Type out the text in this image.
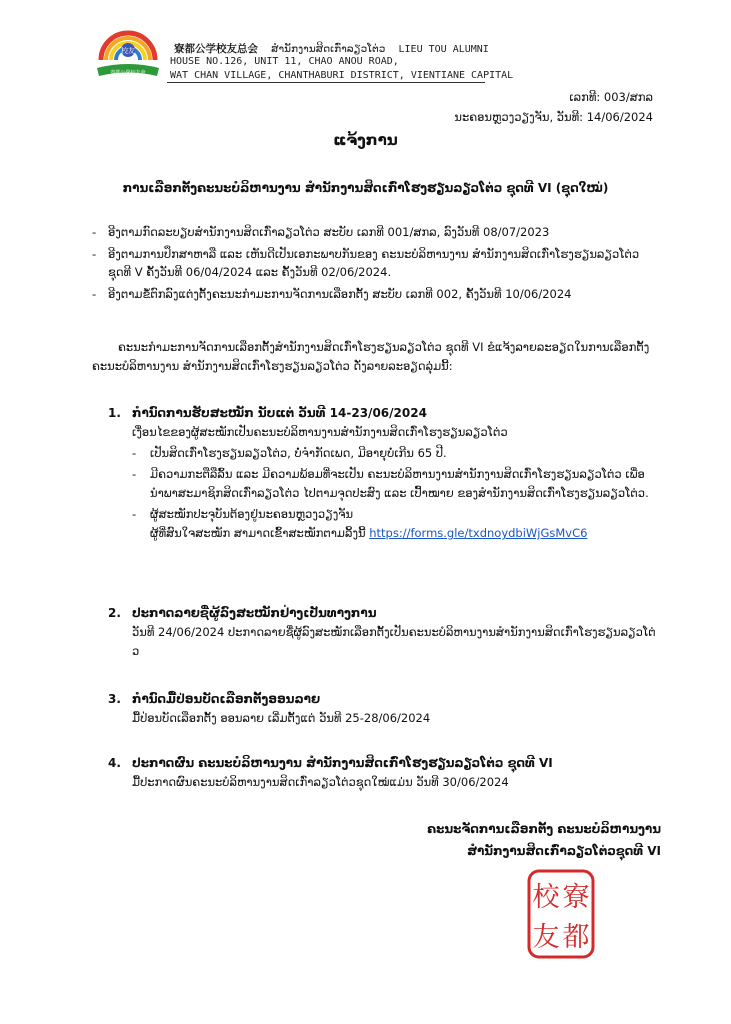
校友
寮都公學校友會
寮都公学校友总会 ສຳນັກງານສິດເກົ່າລຽວໂຕ່ວ LIEU TOU ALUMNI
HOUSE NO.126, UNIT 11, CHAO ANOU ROAD,
WAT CHAN VILLAGE, CHANTHABURI DISTRICT, VIENTIANE CAPITAL
ເລກທີ: 003/ສກລ
ນະຄອນຫຼວງວຽງຈັນ, ວັນທີ: 14/06/2024
ແຈ້ງການ
ການເລືອກຕັ້ງຄະນະບໍລິຫານງານ ສຳນັກງານສິດເກົ່າໂຮງຮຽນລຽວໂຕ່ວ ຊຸດທີ VI (ຊຸດໃໝ່)
- ອີງຕາມກົດລະບຽບສຳນັກງານສິດເກົ່າລຽວໂຕ່ວ ສະບັບ ເລກທີ 001/ສກລ, ລົງວັນທີ 08/07/2023
- ອີງຕາມການປຶກສາຫາລື ແລະ ເຫັນດີເປັນເອກະພາບກັນຂອງ ຄະນະບໍລິຫານງານ ສຳນັກງານສິດເກົ່າໂຮງຮຽນລຽວໂຕ່ວ ຊຸດທີ V ຄັ້ງວັນທີ 06/04/2024 ແລະ ຄັ້ງວັນທີ 02/06/2024.
- ອີງຕາມຂໍ້ຕົກລົງແຕ່ງຕັ້ງຄະນະກຳມະການຈັດການເລືອກຕັ້ງ ສະບັບ ເລກທີ 002, ຄັ້ງວັນທີ 10/06/2024
ຄະນະກຳມະການຈັດການເລືອກຕັ້ງສຳນັກງານສິດເກົ່າໂຮງຮຽນລຽວໂຕ່ວ ຊຸດທີ VI ຂໍແຈ້ງລາຍລະອຽດໃນການເລືອກຕັ້ງຄະນະບໍລິຫານງານ ສຳນັກງານສິດເກົ່າໂຮງຮຽນລຽວໂຕ່ວ ດັ່ງລາຍລະອຽດລຸ່ມນີ້:
1. ກຳນົດການຮັບສະໝັກ ນັບແຕ່ ວັນທີ 14-23/06/2024

ເງື່ອນໄຂຂອງຜູ້ສະໝັກເປັນຄະນະບໍລິຫານງານສຳນັກງານສິດເກົ່າໂຮງຮຽນລຽວໂຕ່ວ

- ເປັນສິດເກົ່າໂຮງຮຽນລຽວໂຕ່ວ, ບໍ່ຈຳກັດເພດ, ມີອາຍຸບໍ່ເກີນ 65 ປີ.

- ມີຄວາມກະຕືລືລົ້ນ ແລະ ມີຄວາມພ້ອມທີ່ຈະເປັນ ຄະນະບໍລິຫານງານສຳນັກງານສິດເກົ່າໂຮງຮຽນລຽວໂຕ່ວ ເພື່ອນຳພາສະມາຊິກສິດເກົ່າລຽວໂຕ່ວ ໄປຕາມຈຸດປະສົງ ແລະ ເປົ້າໝາຍ ຂອງສຳນັກງານສິດເກົ່າໂຮງຮຽນລຽວໂຕ່ວ.

- ຜູ້ສະໝັກປະຈຸບັນຕ້ອງຢູ່ນະຄອນຫຼວງວຽງຈັນ

ຜູ້ທີ່ສົນໃຈສະໝັກ ສາມາດເຂົ້າສະໝັກຕາມລິ້ງນີ້ https://forms.gle/txdnoydbiWjGsMvC6

2. ປະກາດລາຍຊື່ຜູ້ລົງສະໝັກຢ່າງເປັນທາງການ

ວັນທີ 24/06/2024 ປະກາດລາຍຊື່ຜູ້ລົງສະໝັກເລືອກຕັ້ງເປັນຄະນະບໍລິຫານງານສຳນັກງານສິດເກົ່າໂຮງຮຽນລຽວໂຕ່ວ

3. ກຳນົດມື້ປ່ອນບັດເລືອກຕັ້ງອອນລາຍ

ມື້ປ່ອນບັດເລືອກຕັ້ງ ອອນລາຍ ເລີ່ມຕັ້ງແຕ່ ວັນທີ 25-28/06/2024

4. ປະກາດຜົນ ຄະນະບໍລິຫານງານ ສຳນັກງານສິດເກົ່າໂຮງຮຽນລຽວໂຕ່ວ ຊຸດທີ VI

ມື້ປະກາດຜົນຄະນະບໍລິຫານງານສິດເກົ່າລຽວໂຕ່ວຊຸດໃໝ່ແມ່ນ ວັນທີ 30/06/2024

ຄະນະຈັດການເລືອກຕັ້ງ ຄະນະບໍລິຫານງານ
ສຳນັກງານສິດເກົ່າລຽວໂຕ່ວຊຸດທີ VI
寮
都
校
友
